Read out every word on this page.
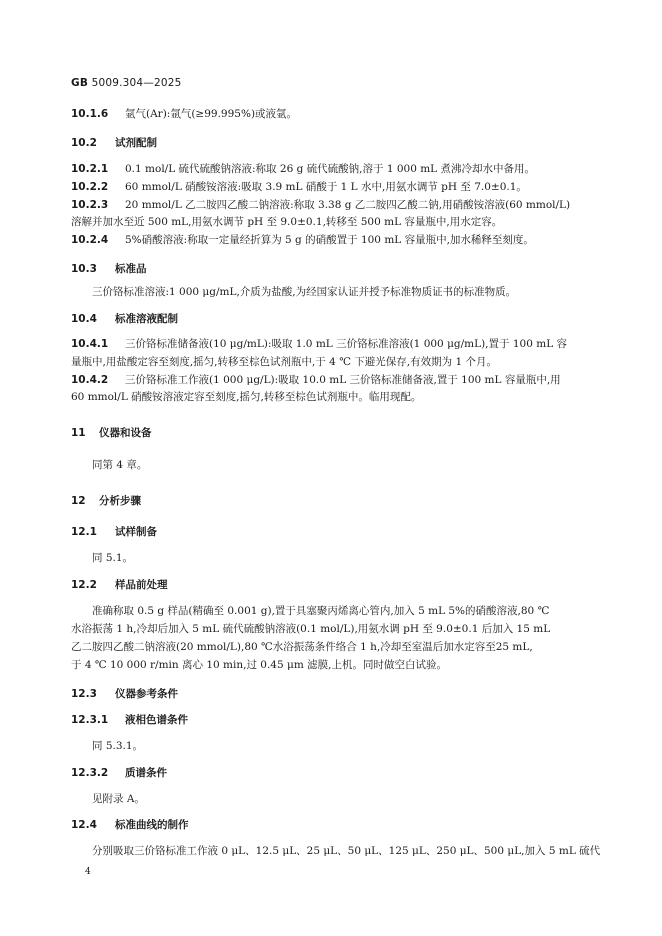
GB 5009.304—2025
10.1.6 氩气(Ar):氩气(≥99.995%)或液氩。
10.2 试剂配制
10.2.1 0.1 mol/L 硫代硫酸钠溶液:称取 26 g 硫代硫酸钠,溶于 1 000 mL 煮沸冷却水中备用。
10.2.2 60 mmol/L 硝酸铵溶液:吸取 3.9 mL 硝酸于 1 L 水中,用氨水调节 pH 至 7.0±0.1。
10.2.3 20 mmol/L 乙二胺四乙酸二钠溶液:称取 3.38 g 乙二胺四乙酸二钠,用硝酸铵溶液(60 mmol/L)
溶解并加水至近 500 mL,用氨水调节 pH 至 9.0±0.1,转移至 500 mL 容量瓶中,用水定容。
10.2.4 5%硝酸溶液:称取一定量经折算为 5 g 的硝酸置于 100 mL 容量瓶中,加水稀释至刻度。
10.3 标准品
三价铬标准溶液:1 000 μg/mL,介质为盐酸,为经国家认证并授予标准物质证书的标准物质。
10.4 标准溶液配制
10.4.1 三价铬标准储备液(10 μg/mL):吸取 1.0 mL 三价铬标准溶液(1 000 μg/mL),置于 100 mL 容
量瓶中,用盐酸定容至刻度,摇匀,转移至棕色试剂瓶中,于 4 ℃ 下避光保存,有效期为 1 个月。
10.4.2 三价铬标准工作液(1 000 μg/L):吸取 10.0 mL 三价铬标准储备液,置于 100 mL 容量瓶中,用
60 mmol/L 硝酸铵溶液定容至刻度,摇匀,转移至棕色试剂瓶中。临用现配。
11 仪器和设备
同第 4 章。
12 分析步骤
12.1 试样制备
同 5.1。
12.2 样品前处理
准确称取 0.5 g 样品(精确至 0.001 g),置于具塞聚丙烯离心管内,加入 5 mL 5%的硝酸溶液,80 ℃
水浴振荡 1 h,冷却后加入 5 mL 硫代硫酸钠溶液(0.1 mol/L),用氨水调 pH 至 9.0±0.1 后加入 15 mL
乙二胺四乙酸二钠溶液(20 mmol/L),80 ℃水浴振荡条件络合 1 h,冷却至室温后加水定容至25 mL,
于 4 ℃ 10 000 r/min 离心 10 min,过 0.45 μm 滤膜,上机。同时做空白试验。
12.3 仪器参考条件
12.3.1 液相色谱条件
同 5.3.1。
12.3.2 质谱条件
见附录 A。
12.4 标准曲线的制作
分别吸取三价铬标准工作液 0 μL、12.5 μL、25 μL、50 μL、125 μL、250 μL、500 μL,加入 5 mL 硫代
4
